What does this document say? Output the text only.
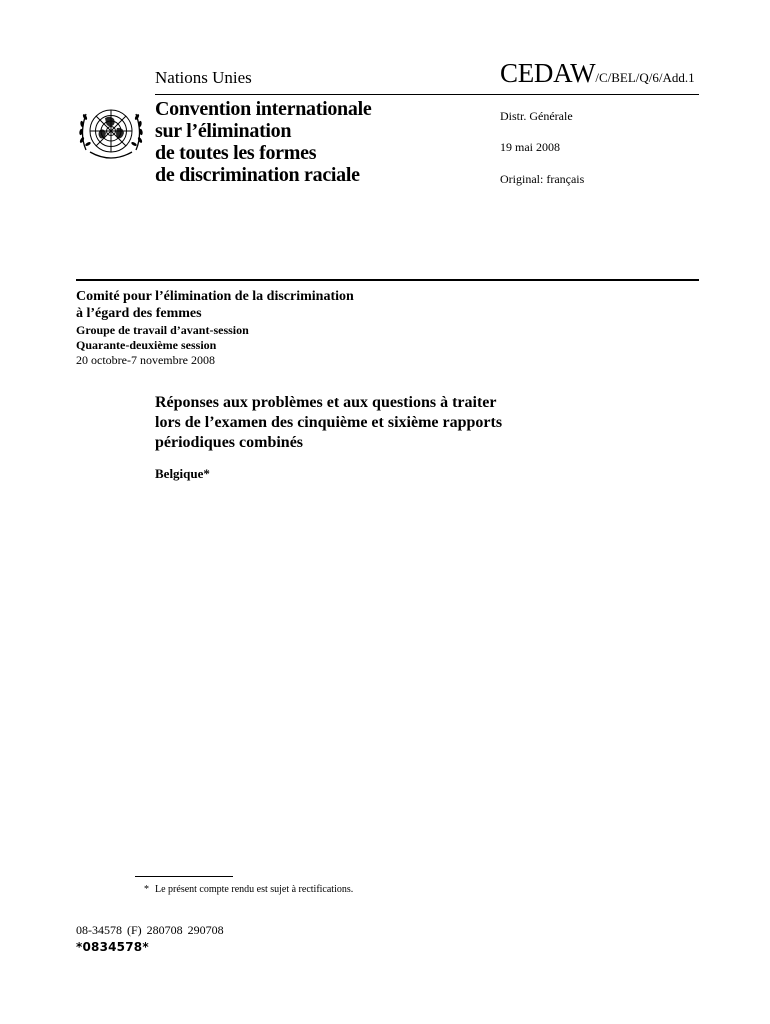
Nations Unies	CEDAW/C/BEL/Q/6/Add.1
Convention internationale
sur l’élimination
de toutes les formes
de discrimination raciale
Distr. Générale
19 mai 2008
Original: français
Comité pour l’élimination de la discrimination
à l’égard des femmes
Groupe de travail d’avant-session
Quarante-deuxième session
20 octobre-7 novembre 2008
Réponses aux problèmes et aux questions à traiter
lors de l’examen des cinquième et sixième rapports
périodiques combinés
Belgique*
* Le présent compte rendu est sujet à rectifications.
08-34578 (F) 280708 290708
*0834578*
